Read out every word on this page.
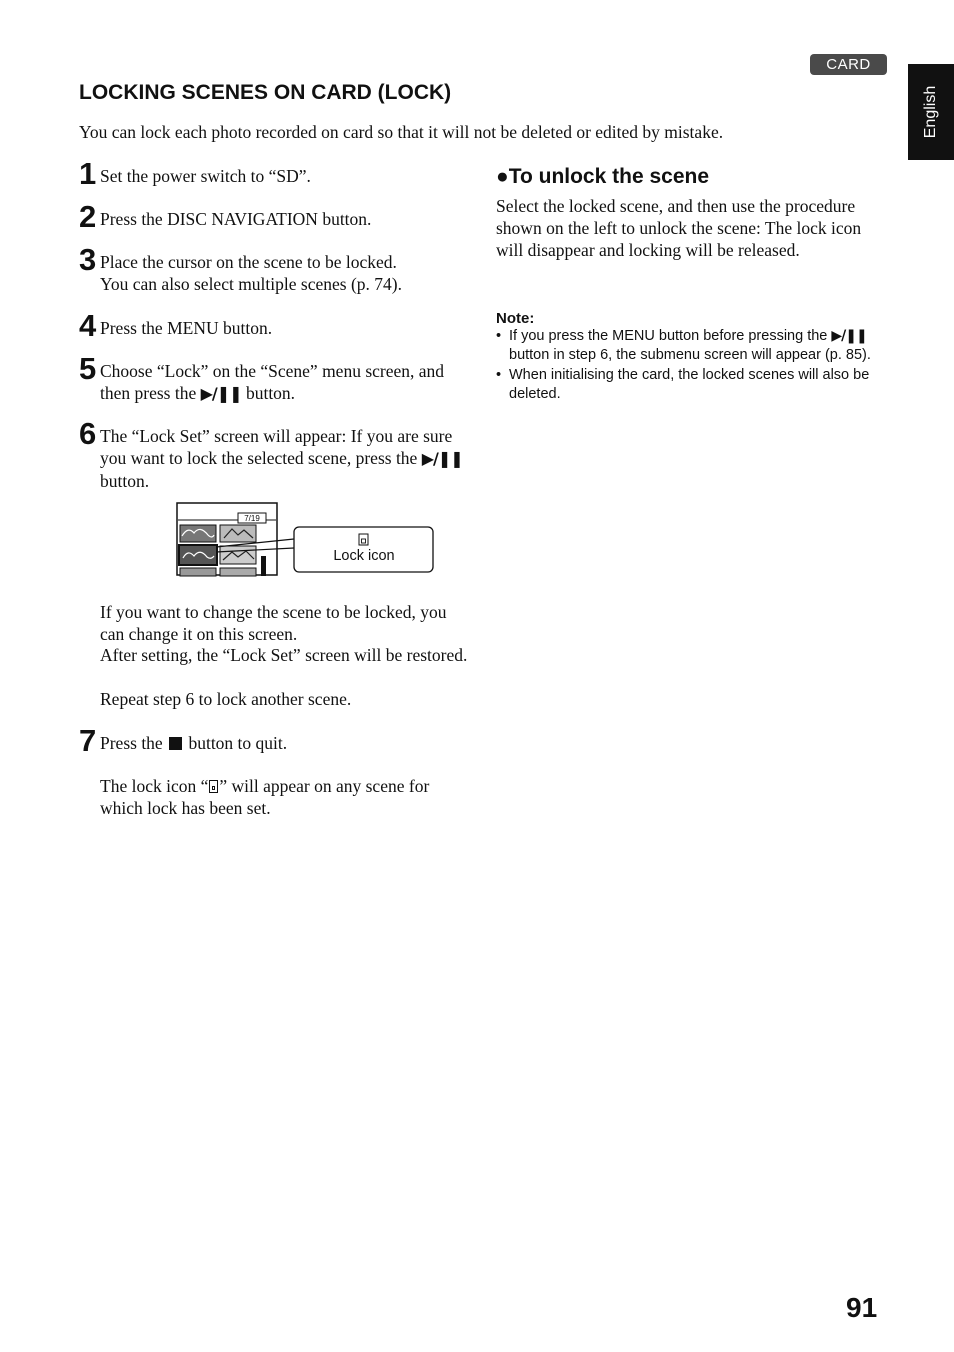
CARD
English
LOCKING SCENES ON CARD (LOCK)

You can lock each photo recorded on card so that it will not be deleted or edited by mistake.

1 Set the power switch to “SD”.
2 Press the DISC NAVIGATION button.
3 Place the cursor on the scene to be locked.
You can also select multiple scenes (p. 74).
4 Press the MENU button.
5 Choose “Lock” on the “Scene” menu screen, and then press the ▶/❚❚ button.
6 The “Lock Set” screen will appear: If you are sure you want to lock the selected scene, press the ▶/❚❚ button.
7/19
Lock icon

If you want to change the scene to be locked, you can change it on this screen.

After setting, the “Lock Set” screen will be restored.

Repeat step 6 to lock another scene.

7 Press the  button to quit.

The lock icon “ ” will appear on any scene for which lock has been set.

●To unlock the scene

Select the locked scene, and then use the procedure shown on the left to unlock the scene: The lock icon will disappear and locking will be released.

Note:

• If you press the MENU button before pressing the ▶/❚❚ button in step 6, the submenu screen will appear (p. 85).
• When initialising the card, the locked scenes will also be deleted.

91
